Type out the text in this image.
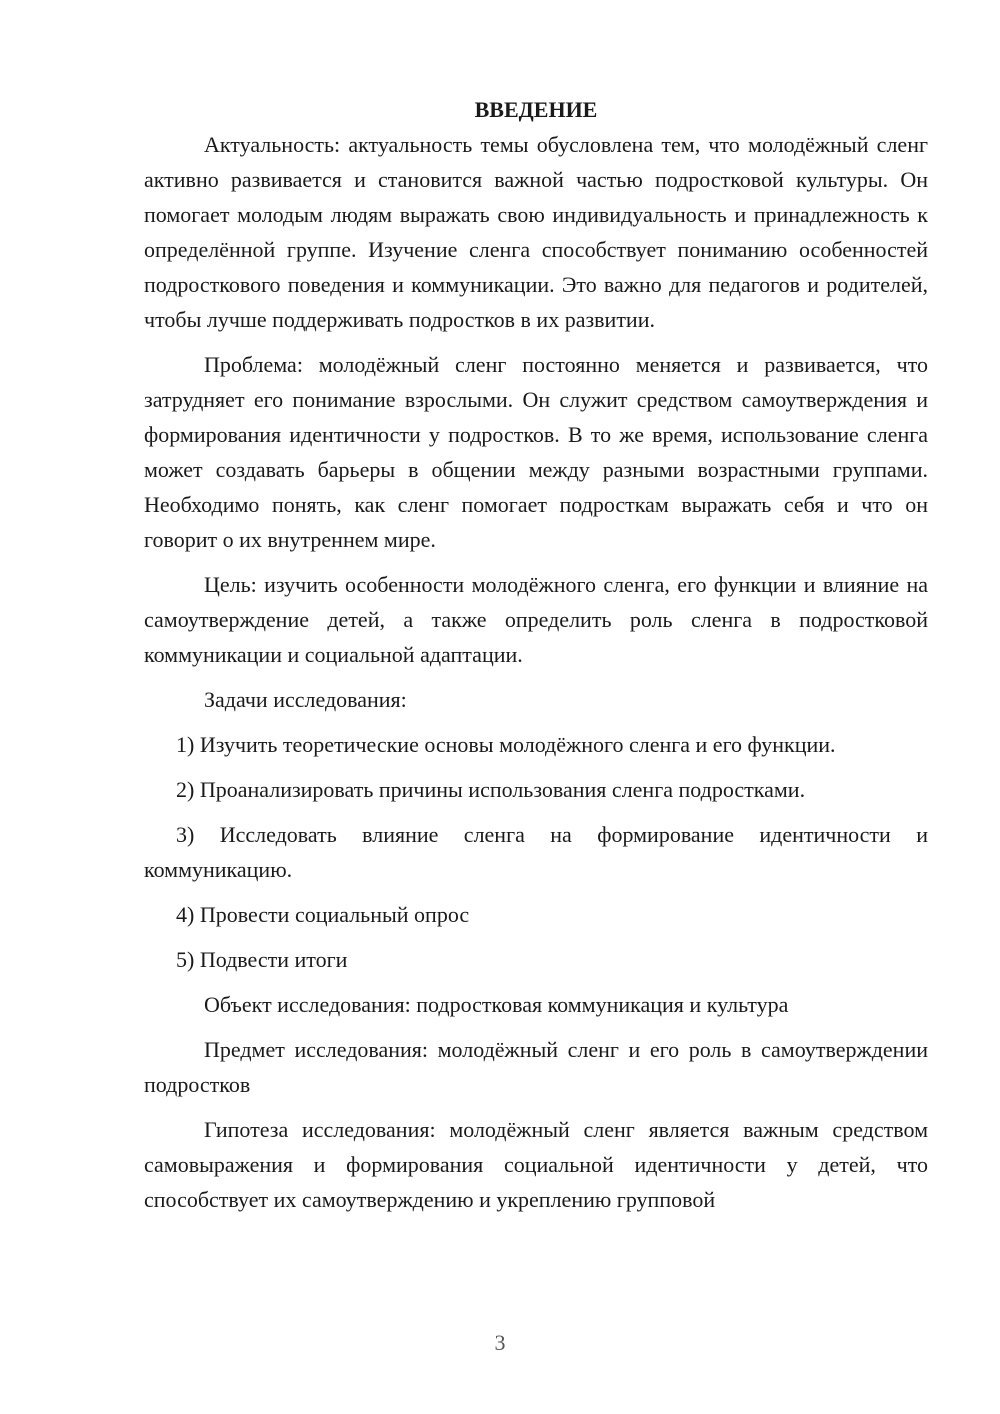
ВВЕДЕНИЕ

Актуальность: актуальность темы обусловлена тем, что молодёжный сленг активно развивается и становится важной частью подростковой культуры. Он помогает молодым людям выражать свою индивидуальность и принадлежность к определённой группе. Изучение сленга способствует пониманию особенностей подросткового поведения и коммуникации. Это важно для педагогов и родителей, чтобы лучше поддерживать подростков в их развитии.

Проблема: молодёжный сленг постоянно меняется и развивается, что затрудняет его понимание взрослыми. Он служит средством самоутверждения и формирования идентичности у подростков. В то же время, использование сленга может создавать барьеры в общении между разными возрастными группами. Необходимо понять, как сленг помогает подросткам выражать себя и что он говорит о их внутреннем мире.

Цель: изучить особенности молодёжного сленга, его функции и влияние на самоутверждение детей, а также определить роль сленга в подростковой коммуникации и социальной адаптации.

Задачи исследования:

1) Изучить теоретические основы молодёжного сленга и его функции.

2) Проанализировать причины использования сленга подростками.

3) Исследовать влияние сленга на формирование идентичности и коммуникацию.

4) Провести социальный опрос

5) Подвести итоги

Объект исследования: подростковая коммуникация и культура

Предмет исследования: молодёжный сленг и его роль в самоутверждении подростков

Гипотеза исследования: молодёжный сленг является важным средством самовыражения и формирования социальной идентичности у детей, что способствует их самоутверждению и укреплению групповой

3
